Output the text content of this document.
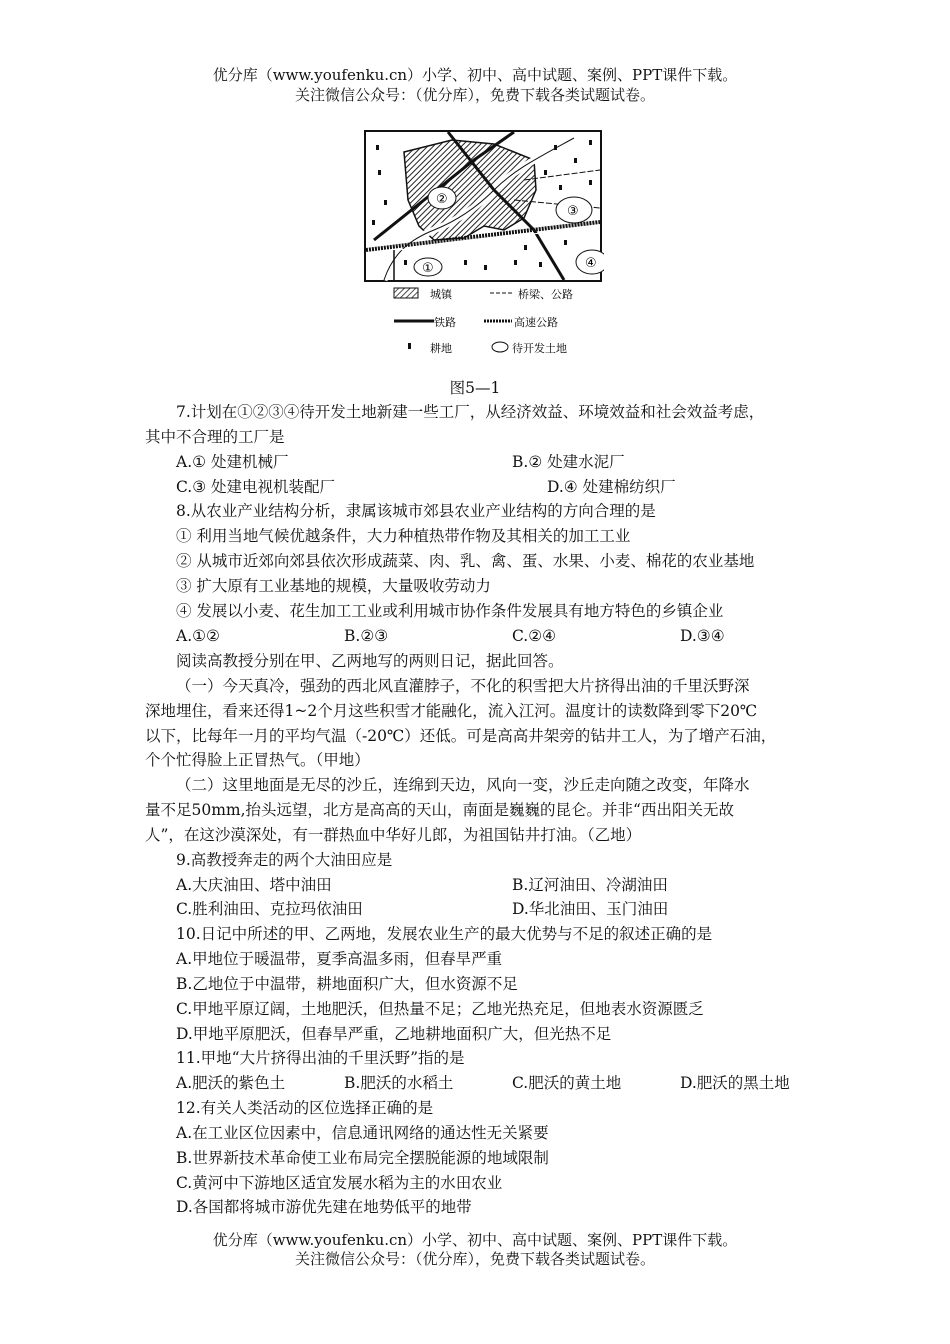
优分库（www.youfenku.cn）小学、初中、高中试题、案例、PPT课件下载。
关注微信公众号：（优分库），免费下载各类试题试卷。
①
②
③
④
城镇	桥梁、公路
铁路	高速公路
耕地	待开发土地
图5—1
7.计划在①②③④待开发土地新建一些工厂，从经济效益、环境效益和社会效益考虑，
其中不合理的工厂是
A.① 处建机械厂	B.② 处建水泥厂
C.③ 处建电视机装配厂	D.④ 处建棉纺织厂
8.从农业产业结构分析，隶属该城市郊县农业产业结构的方向合理的是
① 利用当地气候优越条件，大力种植热带作物及其相关的加工工业
② 从城市近郊向郊县依次形成蔬菜、肉、乳、禽、蛋、水果、小麦、棉花的农业基地
③ 扩大原有工业基地的规模，大量吸收劳动力
④ 发展以小麦、花生加工工业或利用城市协作条件发展具有地方特色的乡镇企业
A.①②	B.②③	C.②④	D.③④
阅读高教授分别在甲、乙两地写的两则日记，据此回答。
（一）今天真冷，强劲的西北风直灌脖子，不化的积雪把大片挤得出油的千里沃野深
深地埋住，看来还得1~2个月这些积雪才能融化，流入江河。温度计的读数降到零下20℃
以下，比每年一月的平均气温（-20℃）还低。可是高高井架旁的钻井工人，为了增产石油，
个个忙得脸上正冒热气。（甲地）
（二）这里地面是无尽的沙丘，连绵到天边，风向一变，沙丘走向随之改变，年降水
量不足50mm,抬头远望，北方是高高的天山，南面是巍巍的昆仑。并非“西出阳关无故
人”，在这沙漠深处，有一群热血中华好儿郎，为祖国钻井打油。（乙地）
9.高教授奔走的两个大油田应是
A.大庆油田、塔中油田	B.辽河油田、冷湖油田
C.胜利油田、克拉玛依油田	D.华北油田、玉门油田
10.日记中所述的甲、乙两地，发展农业生产的最大优势与不足的叙述正确的是
A.甲地位于暖温带，夏季高温多雨，但春旱严重
B.乙地位于中温带，耕地面积广大，但水资源不足
C.甲地平原辽阔，土地肥沃，但热量不足；乙地光热充足，但地表水资源匮乏
D.甲地平原肥沃，但春旱严重，乙地耕地面积广大，但光热不足
11.甲地“大片挤得出油的千里沃野”指的是
A.肥沃的紫色土	B.肥沃的水稻土	C.肥沃的黄土地	D.肥沃的黑土地
12.有关人类活动的区位选择正确的是
A.在工业区位因素中，信息通讯网络的通达性无关紧要
B.世界新技术革命使工业布局完全摆脱能源的地域限制
C.黄河中下游地区适宜发展水稻为主的水田农业
D.各国都将城市游优先建在地势低平的地带
优分库（www.youfenku.cn）小学、初中、高中试题、案例、PPT课件下载。
关注微信公众号：（优分库），免费下载各类试题试卷。
